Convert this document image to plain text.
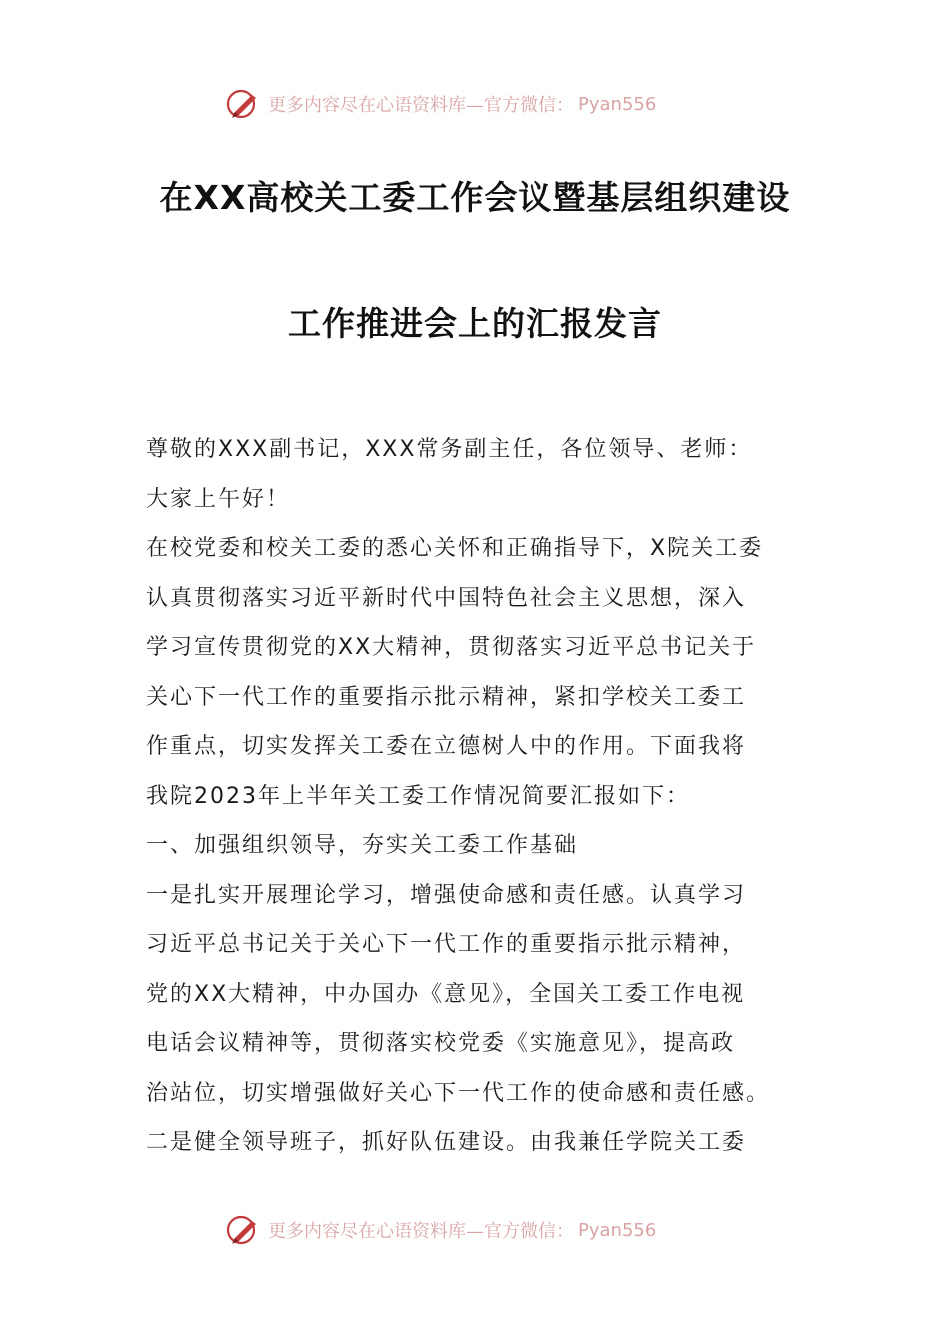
更多内容尽在心语资料库—官方微信： Pyan556
在XX高校关工委工作会议暨基层组织建设
工作推进会上的汇报发言
尊敬的XXX副书记，XXX常务副主任，各位领导、老师：
大家上午好！
在校党委和校关工委的悉心关怀和正确指导下，X院关工委
认真贯彻落实习近平新时代中国特色社会主义思想，深入
学习宣传贯彻党的XX大精神，贯彻落实习近平总书记关于
关心下一代工作的重要指示批示精神，紧扣学校关工委工
作重点，切实发挥关工委在立德树人中的作用。下面我将
我院2023年上半年关工委工作情况简要汇报如下：
一、加强组织领导，夯实关工委工作基础
一是扎实开展理论学习，增强使命感和责任感。认真学习
习近平总书记关于关心下一代工作的重要指示批示精神，
党的XX大精神，中办国办《意见》，全国关工委工作电视
电话会议精神等，贯彻落实校党委《实施意见》，提高政
治站位，切实增强做好关心下一代工作的使命感和责任感。
二是健全领导班子，抓好队伍建设。由我兼任学院关工委
更多内容尽在心语资料库—官方微信： Pyan556
